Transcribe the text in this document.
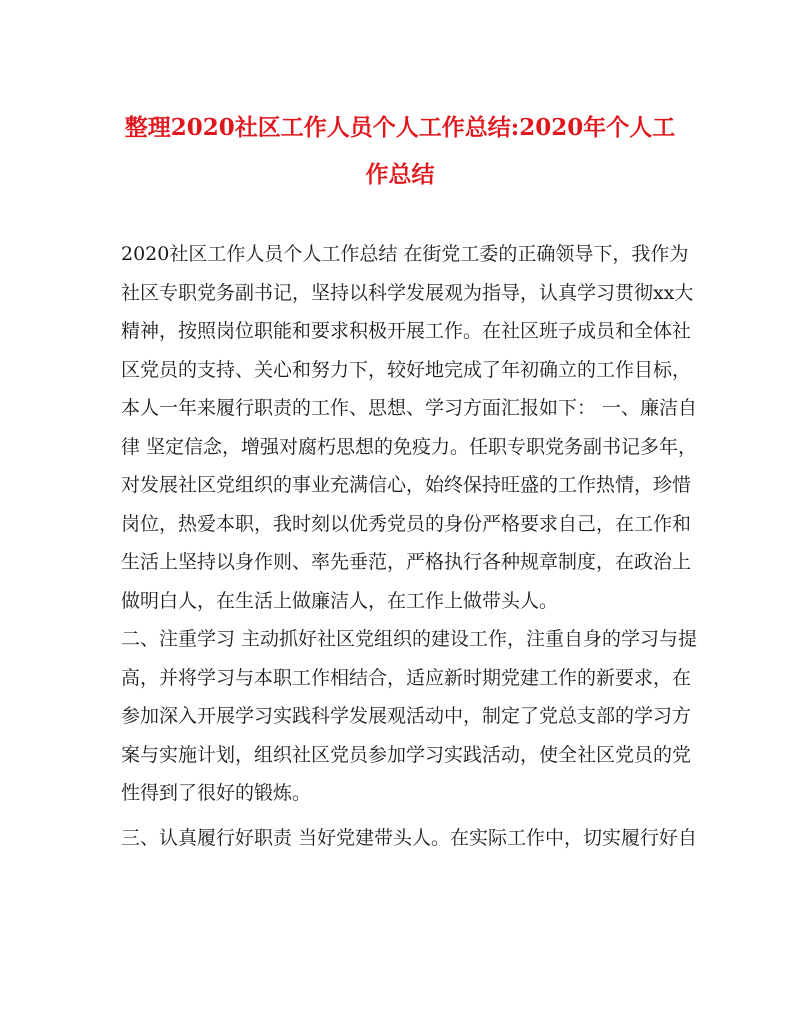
整理2020社区工作人员个人工作总结:2020年个人工
作总结
2020社区工作人员个人工作总结 在街党工委的正确领导下，我作为
社区专职党务副书记，坚持以科学发展观为指导，认真学习贯彻xx大
精神，按照岗位职能和要求积极开展工作。在社区班子成员和全体社
区党员的支持、关心和努力下，较好地完成了年初确立的工作目标，
本人一年来履行职责的工作、思想、学习方面汇报如下： 一、廉洁自
律 坚定信念，增强对腐朽思想的免疫力。任职专职党务副书记多年，
对发展社区党组织的事业充满信心，始终保持旺盛的工作热情，珍惜
岗位，热爱本职，我时刻以优秀党员的身份严格要求自己，在工作和
生活上坚持以身作则、率先垂范，严格执行各种规章制度，在政治上
做明白人，在生活上做廉洁人，在工作上做带头人。
二、注重学习 主动抓好社区党组织的建设工作，注重自身的学习与提
高，并将学习与本职工作相结合，适应新时期党建工作的新要求，在
参加深入开展学习实践科学发展观活动中，制定了党总支部的学习方
案与实施计划，组织社区党员参加学习实践活动，使全社区党员的党
性得到了很好的锻炼。
三、认真履行好职责 当好党建带头人。在实际工作中，切实履行好自
